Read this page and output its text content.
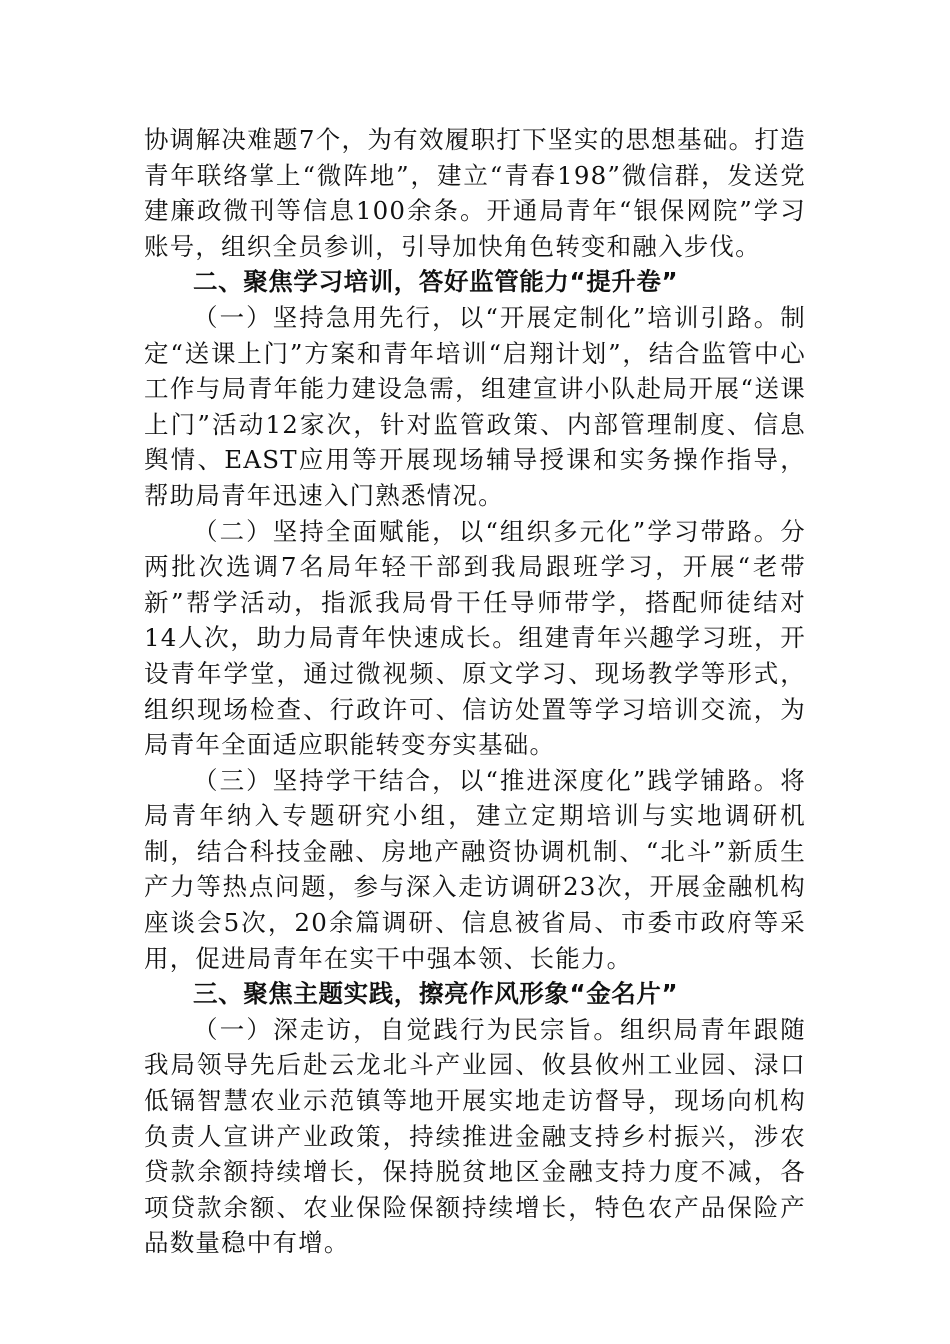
协调解决难题7个，为有效履职打下坚实的思想基础。打造青年联络掌上“微阵地”，建立“青春198”微信群，发送党建廉政微刊等信息100余条。开通局青年“银保网院”学习账号，组织全员参训，引导加快角色转变和融入步伐。

二、聚焦学习培训，答好监管能力“提升卷”

（一）坚持急用先行，以“开展定制化”培训引路。制定“送课上门”方案和青年培训“启翔计划”，结合监管中心工作与局青年能力建设急需，组建宣讲小队赴局开展“送课上门”活动12家次，针对监管政策、内部管理制度、信息舆情、EAST应用等开展现场辅导授课和实务操作指导，帮助局青年迅速入门熟悉情况。

（二）坚持全面赋能，以“组织多元化”学习带路。分两批次选调7名局年轻干部到我局跟班学习，开展“老带新”帮学活动，指派我局骨干任导师带学，搭配师徒结对14人次，助力局青年快速成长。组建青年兴趣学习班，开设青年学堂，通过微视频、原文学习、现场教学等形式，组织现场检查、行政许可、信访处置等学习培训交流，为局青年全面适应职能转变夯实基础。

（三）坚持学干结合，以“推进深度化”践学铺路。将局青年纳入专题研究小组，建立定期培训与实地调研机制，结合科技金融、房地产融资协调机制、“北斗”新质生产力等热点问题，参与深入走访调研23次，开展金融机构座谈会5次，20余篇调研、信息被省局、市委市政府等采用，促进局青年在实干中强本领、长能力。

三、聚焦主题实践，擦亮作风形象“金名片”

（一）深走访，自觉践行为民宗旨。组织局青年跟随我局领导先后赴云龙北斗产业园、攸县攸州工业园、渌口低镉智慧农业示范镇等地开展实地走访督导，现场向机构负责人宣讲产业政策，持续推进金融支持乡村振兴，涉农贷款余额持续增长，保持脱贫地区金融支持力度不减，各项贷款余额、农业保险保额持续增长，特色农产品保险产品数量稳中有增。
